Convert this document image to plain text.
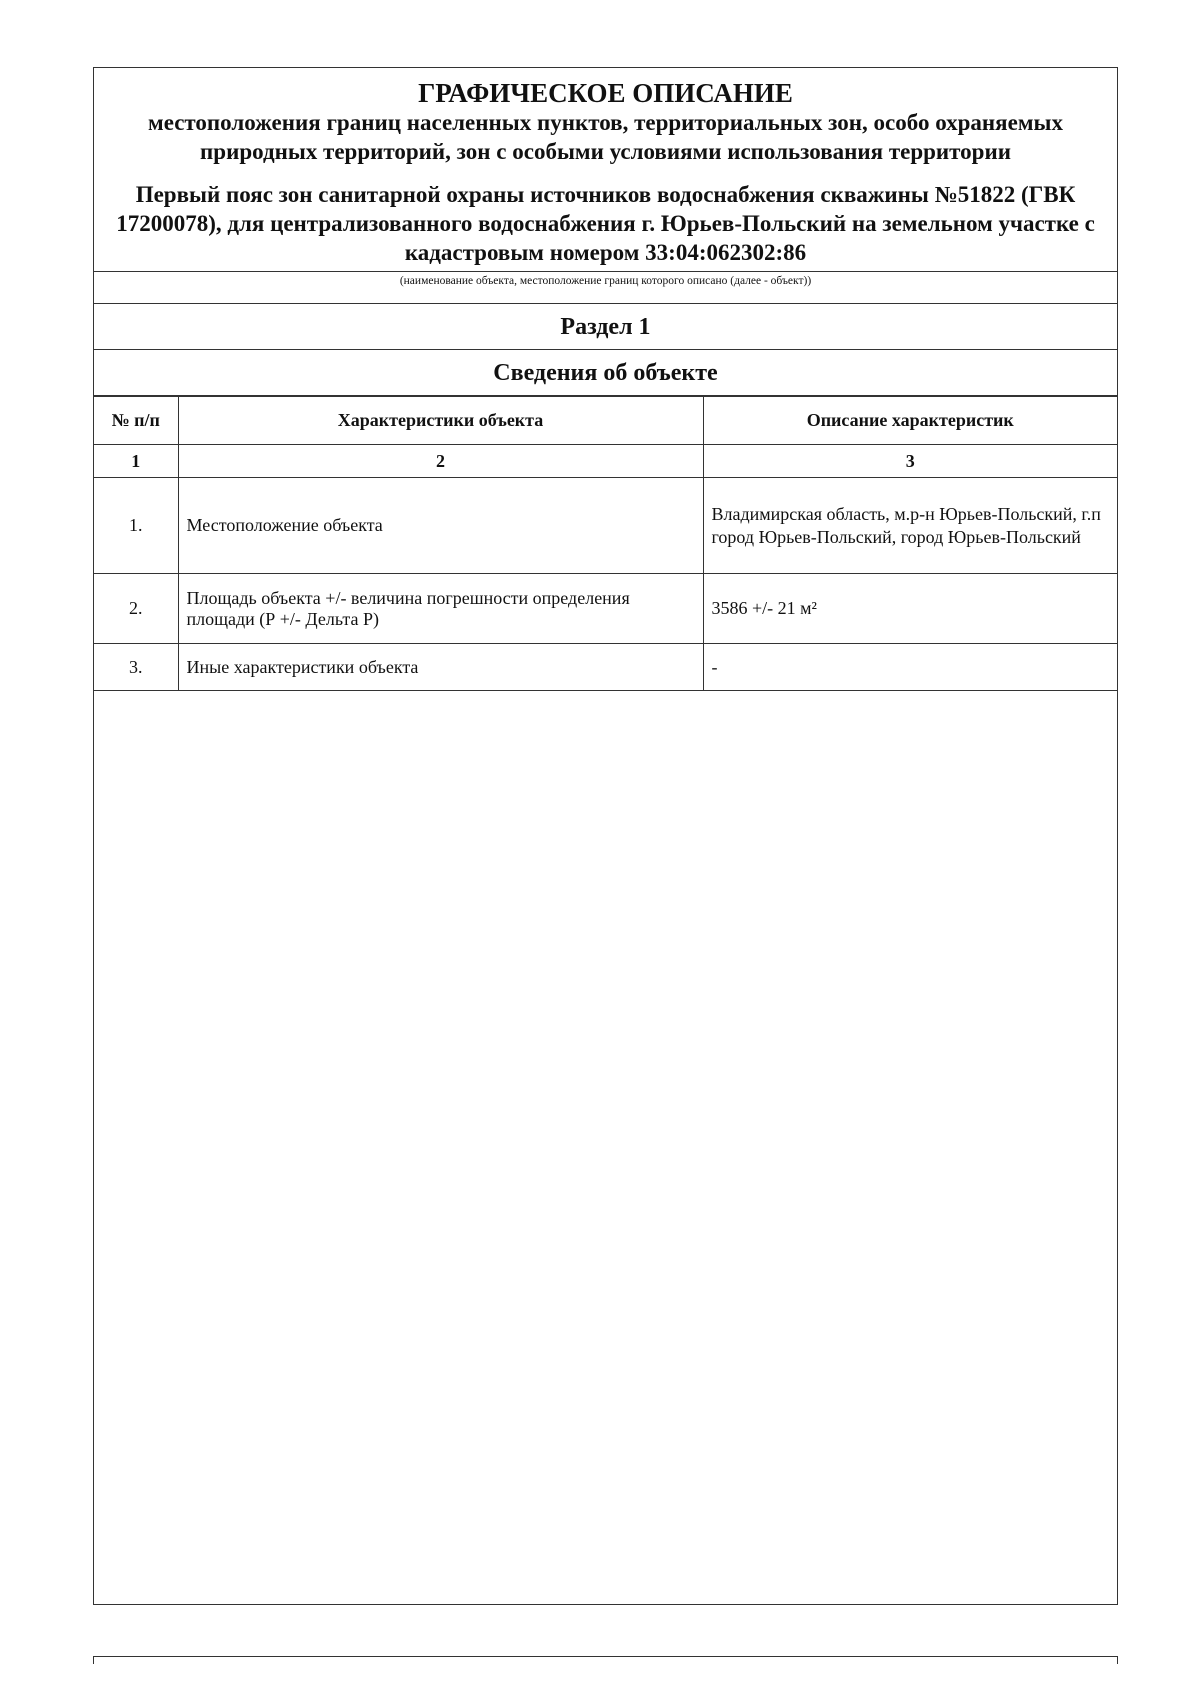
ГРАФИЧЕСКОЕ ОПИСАНИЕ
местоположения границ населенных пунктов, территориальных зон, особо охраняемых природных территорий, зон с особыми условиями использования территории
Первый пояс зон санитарной охраны источников водоснабжения скважины №51822 (ГВК 17200078), для централизованного водоснабжения г. Юрьев-Польский на земельном участке с кадастровым номером 33:04:062302:86
(наименование объекта, местоположение границ которого описано (далее - объект))
Раздел 1
Сведения об объекте
№ п/п	Характеристики объекта	Описание характеристик
1	2	3
1.	Местоположение объекта	Владимирская область, м.р-н Юрьев-Польский, г.п город Юрьев-Польский, город Юрьев-Польский
2.	Площадь объекта +/- величина погрешности определения площади (Р +/- Дельта Р)	3586 +/- 21 м²
3.	Иные характеристики объекта	-
